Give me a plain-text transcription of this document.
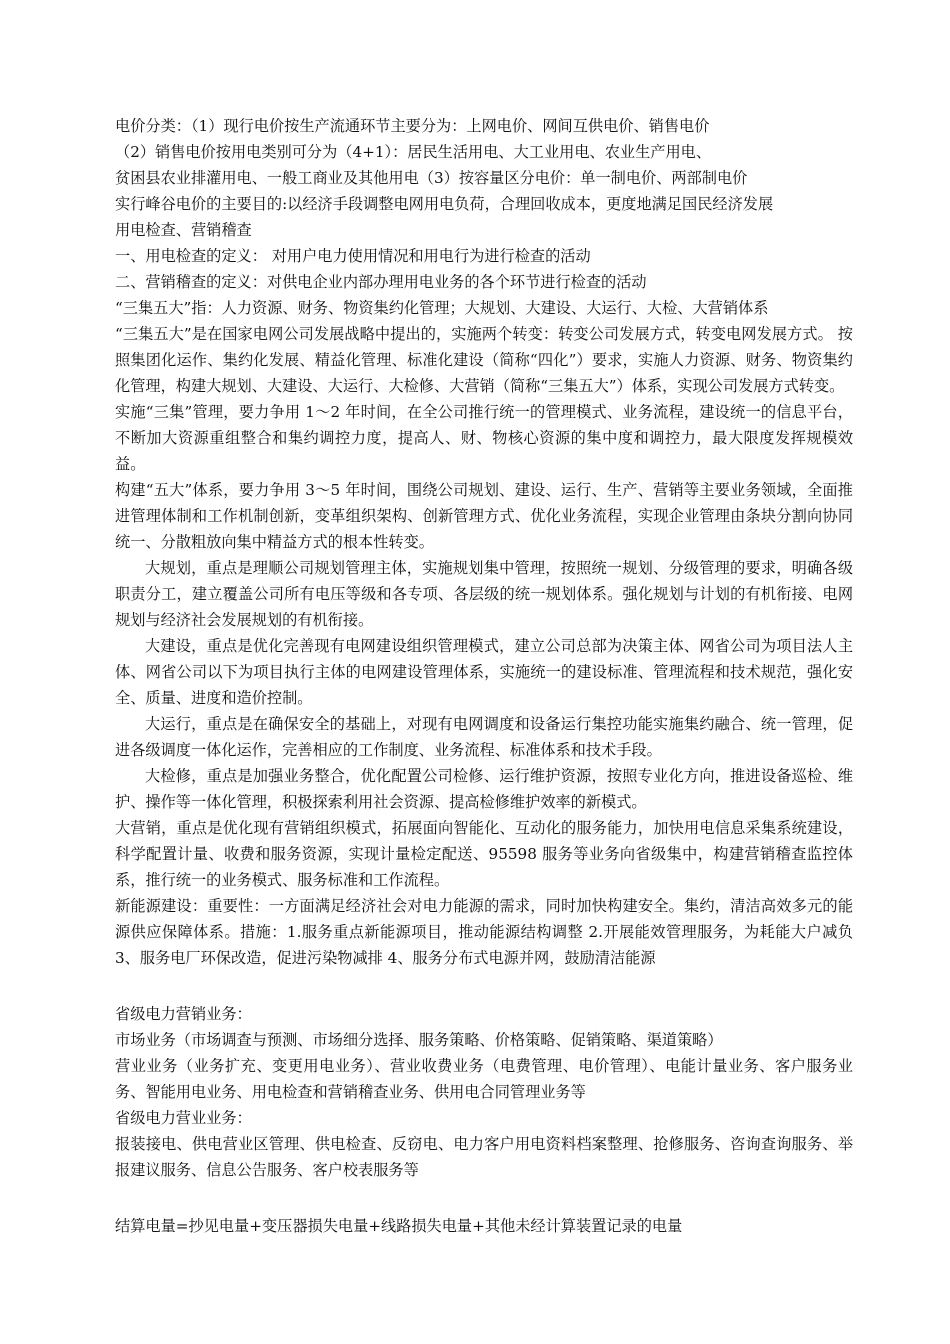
电价分类：（1）现行电价按生产流通环节主要分为：上网电价、网间互供电价、销售电价

（2）销售电价按用电类别可分为（4+1）：居民生活用电、大工业用电、农业生产用电、

贫困县农业排灌用电、一般工商业及其他用电（3）按容量区分电价：单一制电价、两部制电价

实行峰谷电价的主要目的:以经济手段调整电网用电负荷，合理回收成本，更度地满足国民经济发展

用电检查、营销稽查

一、用电检查的定义： 对用户电力使用情况和用电行为进行检查的活动

二、营销稽查的定义：对供电企业内部办理用电业务的各个环节进行检查的活动

“三集五大”指：人力资源、财务、物资集约化管理；大规划、大建设、大运行、大检、大营销体系

“三集五大”是在国家电网公司发展战略中提出的，实施两个转变：转变公司发展方式，转变电网发展方式。 按照集团化运作、集约化发展、精益化管理、标准化建设（简称“四化”）要求，实施人力资源、财务、物资集约化管理，构建大规划、大建设、大运行、大检修、大营销（简称“三集五大”）体系，实现公司发展方式转变。

实施“三集”管理，要力争用 1～2 年时间，在全公司推行统一的管理模式、业务流程，建设统一的信息平台，不断加大资源重组整合和集约调控力度，提高人、财、物核心资源的集中度和调控力，最大限度发挥规模效益。

构建“五大”体系，要力争用 3～5 年时间，围绕公司规划、建设、运行、生产、营销等主要业务领域，全面推进管理体制和工作机制创新，变革组织架构、创新管理方式、优化业务流程，实现企业管理由条块分割向协同统一、分散粗放向集中精益方式的根本性转变。

大规划，重点是理顺公司规划管理主体，实施规划集中管理，按照统一规划、分级管理的要求，明确各级职责分工，建立覆盖公司所有电压等级和各专项、各层级的统一规划体系。强化规划与计划的有机衔接、电网规划与经济社会发展规划的有机衔接。

大建设，重点是优化完善现有电网建设组织管理模式，建立公司总部为决策主体、网省公司为项目法人主体、网省公司以下为项目执行主体的电网建设管理体系，实施统一的建设标准、管理流程和技术规范，强化安全、质量、进度和造价控制。

大运行，重点是在确保安全的基础上，对现有电网调度和设备运行集控功能实施集约融合、统一管理，促进各级调度一体化运作，完善相应的工作制度、业务流程、标准体系和技术手段。

大检修，重点是加强业务整合，优化配置公司检修、运行维护资源，按照专业化方向，推进设备巡检、维护、操作等一体化管理，积极探索利用社会资源、提高检修维护效率的新模式。

大营销，重点是优化现有营销组织模式，拓展面向智能化、互动化的服务能力，加快用电信息采集系统建设，科学配置计量、收费和服务资源，实现计量检定配送、95598 服务等业务向省级集中，构建营销稽查监控体系，推行统一的业务模式、服务标准和工作流程。

新能源建设：重要性：一方面满足经济社会对电力能源的需求，同时加快构建安全。集约，清洁高效多元的能源供应保障体系。措施：1.服务重点新能源项目，推动能源结构调整 2.开展能效管理服务，为耗能大户减负 3、服务电厂环保改造，促进污染物减排 4、服务分布式电源并网，鼓励清洁能源

省级电力营销业务：

市场业务（市场调查与预测、市场细分选择、服务策略、价格策略、促销策略、渠道策略）

营业业务（业务扩充、变更用电业务）、营业收费业务（电费管理、电价管理）、电能计量业务、客户服务业务、智能用电业务、用电检查和营销稽查业务、供用电合同管理业务等

省级电力营业业务：

报装接电、供电营业区管理、供电检查、反窃电、电力客户用电资料档案整理、抢修服务、咨询查询服务、举报建议服务、信息公告服务、客户校表服务等

结算电量=抄见电量+变压器损失电量+线路损失电量+其他未经计算装置记录的电量
